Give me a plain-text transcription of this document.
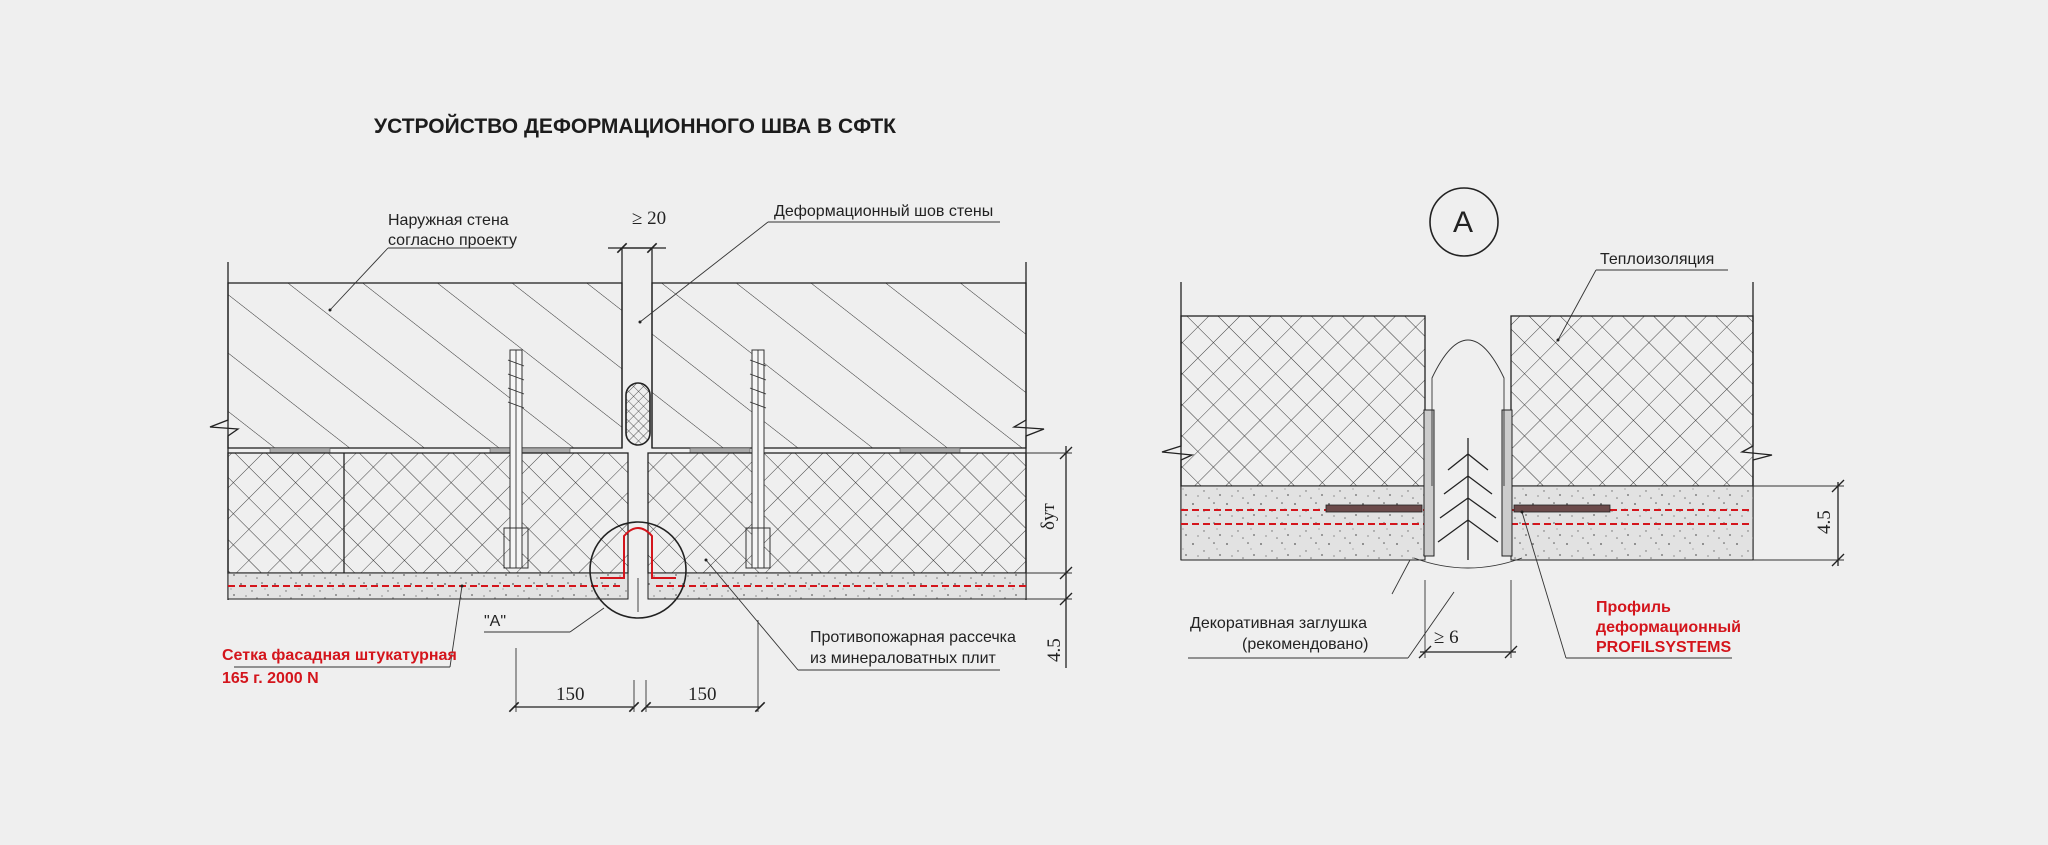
УСТРОЙСТВО ДЕФОРМАЦИОННОГО ШВА В СФТК
≥ 20
150	150
δут
4.5
Наружная стена
согласно проекту
Деформационный шов стены
Сетка фасадная штукатурная
165 г. 2000 N
"A"
Противопожарная рассечка
из минераловатных плит
A
4.5
≥ 6
Теплоизоляция
Декоративная заглушка
(рекомендовано)
Профиль
деформационный
PROFILSYSTEMS
